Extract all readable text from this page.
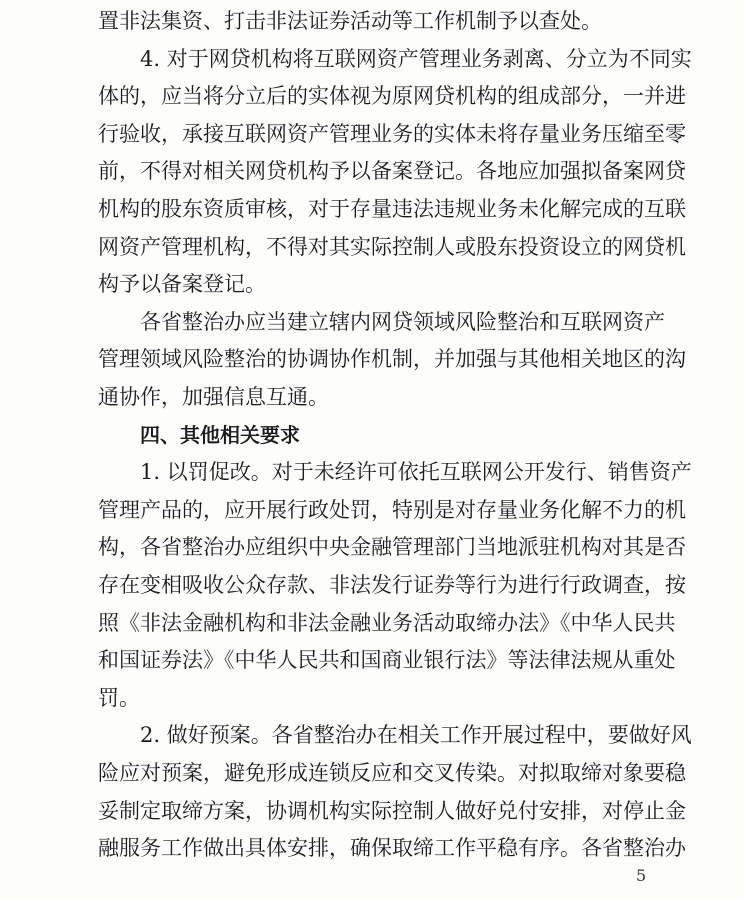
置非法集资、打击非法证券活动等工作机制予以查处。
4. 对于网贷机构将互联网资产管理业务剥离、分立为不同实
体的，应当将分立后的实体视为原网贷机构的组成部分，一并进
行验收，承接互联网资产管理业务的实体未将存量业务压缩至零
前，不得对相关网贷机构予以备案登记。各地应加强拟备案网贷
机构的股东资质审核，对于存量违法违规业务未化解完成的互联
网资产管理机构，不得对其实际控制人或股东投资设立的网贷机
构予以备案登记。
各省整治办应当建立辖内网贷领域风险整治和互联网资产
管理领域风险整治的协调协作机制，并加强与其他相关地区的沟
通协作，加强信息互通。
四、其他相关要求
1. 以罚促改。对于未经许可依托互联网公开发行、销售资产
管理产品的，应开展行政处罚，特别是对存量业务化解不力的机
构，各省整治办应组织中央金融管理部门当地派驻机构对其是否
存在变相吸收公众存款、非法发行证券等行为进行行政调查，按
照《非法金融机构和非法金融业务活动取缔办法》《中华人民共
和国证券法》《中华人民共和国商业银行法》等法律法规从重处
罚。
2. 做好预案。各省整治办在相关工作开展过程中，要做好风
险应对预案，避免形成连锁反应和交叉传染。对拟取缔对象要稳
妥制定取缔方案，协调机构实际控制人做好兑付安排，对停止金
融服务工作做出具体安排，确保取缔工作平稳有序。各省整治办
5
